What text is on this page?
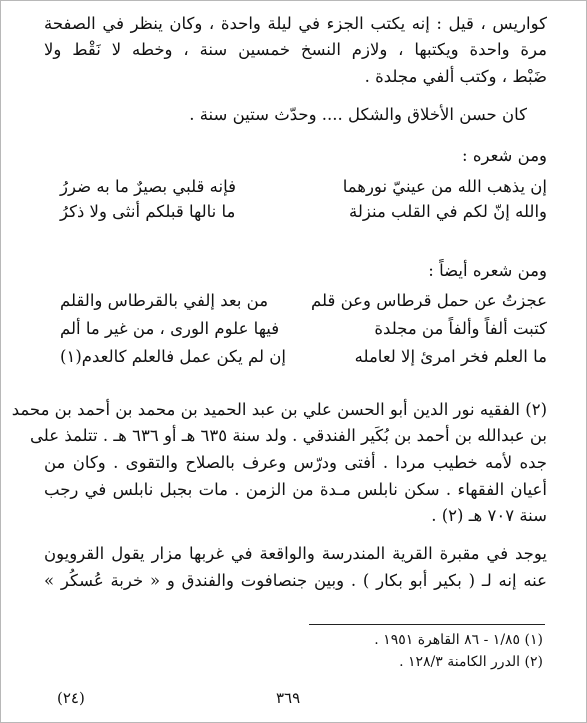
كواريس ، قيل : إنه يكتب الجزء في ليلة واحدة ، وكان ينظر في الصفحة
مرة واحدة ويكتبها ، ولازم النسخ خمسين سنة ، وخطه لا نَقْط ولا
ضَبْط ، وكتب ألفي مجلدة .
كان حسن الأخلاق والشكل .... وحدّث ستين سنة .
ومن شعره :
إن يذهب الله من عينيّ نورهما
فإنه قلبي بصيرٌ ما به ضررُ
والله إنّ لكم في القلب منزلة
ما نالها قبلكم أنثى ولا ذكرُ
ومن شعره أيضاً :
عجزتُ عن حمل قرطاس وعن قلم
من بعد إلفي بالقرطاس والقلم
كتبت ألفاً وألفاً من مجلدة
فيها علوم الورى ، من غير ما ألم
ما العلم فخر امرئ إلا لعامله
إن لم يكن عمل فالعلم كالعدم(١)
(٢) الفقيه نور الدين أبو الحسن علي بن عبد الحميد بن محمد بن أحمد بن محمد
بن عبدالله بن أحمد بن بُكَير الفندقي . ولد سنة ٦٣٥ هـ أو ٦٣٦ هـ . تتلمذ على
جده لأمه خطيب مردا . أفتى ودرّس وعرف بالصلاح والتقوى . وكان من
أعيان الفقهاء . سكن نابلس مـدة من الزمن . مات بجبل نابلس في رجب
سنة ٧٠٧ هـ (٢) .
يوجد في مقبرة القرية المندرسة والواقعة في غربها مزار يقول القرويون
عنه إنه لـ ( بكير أبو بكار ) . وبين جنصافوت والفندق و « خربة عُسكُر »
(١) ١/٨٥ - ٨٦ القاهرة ١٩٥١ .
(٢) الدرر الكامنة ١٢٨/٣ .
٣٦٩
(٢٤)
